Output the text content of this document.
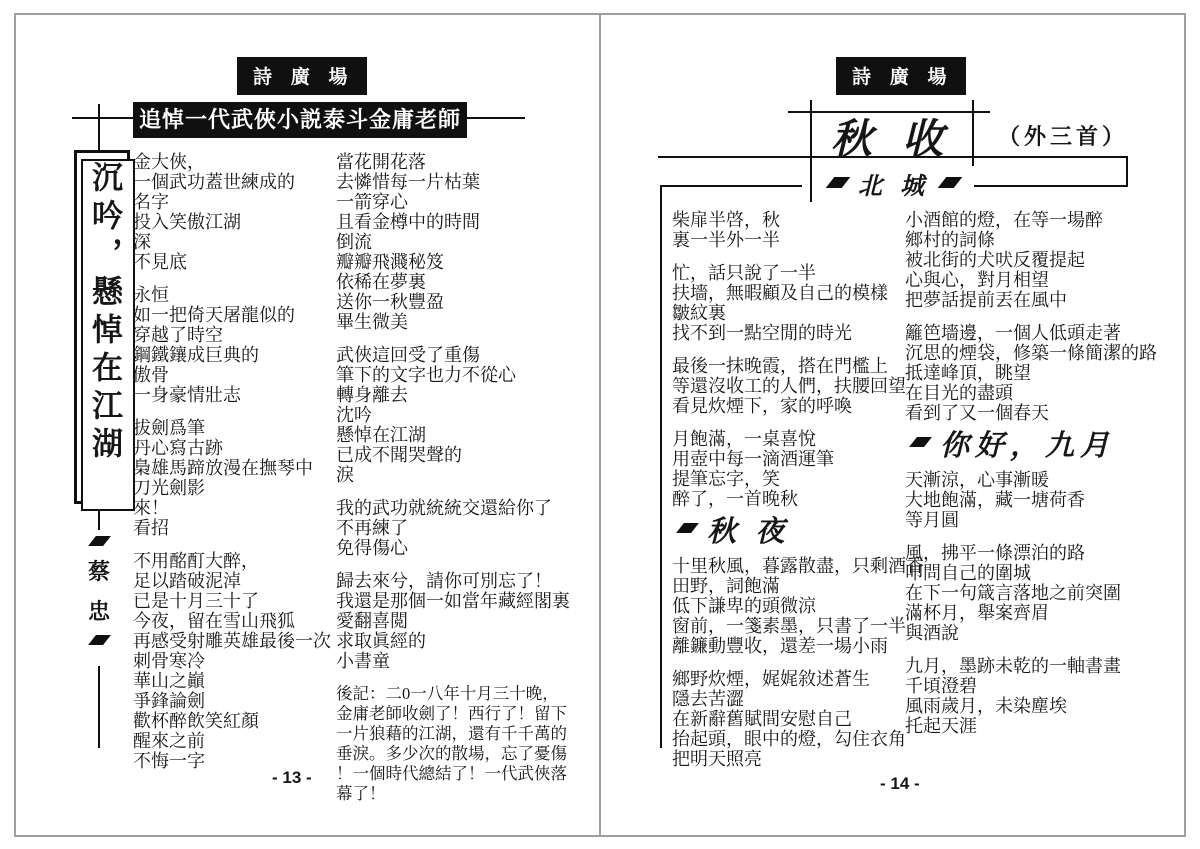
詩 廣 場
追悼一代武俠小説泰斗金庸老師
沉吟，懸悼在江湖
蔡
忠
金大俠，
一個武功蓋世練成的
名字
投入笑傲江湖
深
不見底
永恒
如一把倚天屠龍似的
穿越了時空
鋼鐵鑲成巨典的
傲骨
一身豪情壯志
拔劍爲筆
丹心寫古跡
梟雄馬蹄放漫在撫琴中
刀光劍影
來！
看招
不用酩酊大醉，
足以踏破泥淖
已是十月三十了
今夜，留在雪山飛狐
再感受射雕英雄最後一次
刺骨寒冷
華山之巓
爭鋒論劍
歡杯醉飲笑紅顏
醒來之前
不悔一字
當花開花落
去憐惜每一片枯葉
一箭穿心
且看金樽中的時間
倒流
瓣瓣飛濺秘笈
依稀在夢裏
送你一秋豐盈
畢生微美
武俠這回受了重傷
筆下的文字也力不從心
轉身離去
沈吟
懸悼在江湖
已成不聞哭聲的
淚
我的武功就統統交還給你了
不再練了
免得傷心
歸去來兮，請你可別忘了！
我還是那個一如當年藏經閣裏
愛翻喜閲
求取眞經的
小書童
後記：二0一八年十月三十晚，
金庸老師收劍了！西行了！留下
一片狼藉的江湖，還有千千萬的
垂淚。多少次的散場，忘了憂傷
！一個時代總結了！一代武俠落
幕了！
- 13 -
詩 廣 場
秋 收	（外三首）
北 城
柴扉半啓，秋
裏一半外一半
忙，話只說了一半
扶墻，無暇顧及自己的模樣
皺紋裏
找不到一點空閒的時光
最後一抹晚霞，搭在門檻上
等還沒收工的人們，扶腰回望
看見炊煙下，家的呼喚
月飽滿，一桌喜悅
用壺中每一滴酒運筆
提筆忘字，笑
醉了，一首晚秋
秋 夜
十里秋風，暮露散盡，只剩酒香
田野，詞飽滿
低下謙卑的頭微涼
窗前，一箋素墨，只書了一半
離鐮動豐收，還差一場小雨
鄉野炊煙，娓娓敘述蒼生
隱去苦澀
在新辭舊賦間安慰自己
抬起頭，眼中的燈，勾住衣角
把明天照亮
小酒館的燈，在等一場醉
鄉村的詞條
被北街的犬吠反覆提起
心與心，對月相望
把夢話提前丟在風中
籬笆墻邊，一個人低頭走著
沉思的煙袋，修築一條簡潔的路
抵達峰頂，眺望
在目光的盡頭
看到了又一個春天
你好，九月
天漸涼，心事漸暖
大地飽滿，藏一塘荷香
等月圓
風，拂平一條漂泊的路
叩問自己的圍城
在下一句箴言落地之前突圍
滿杯月，舉案齊眉
與酒說
九月，墨跡未乾的一軸書畫
千頃澄碧
風雨歲月，未染塵埃
托起天涯
- 14 -
